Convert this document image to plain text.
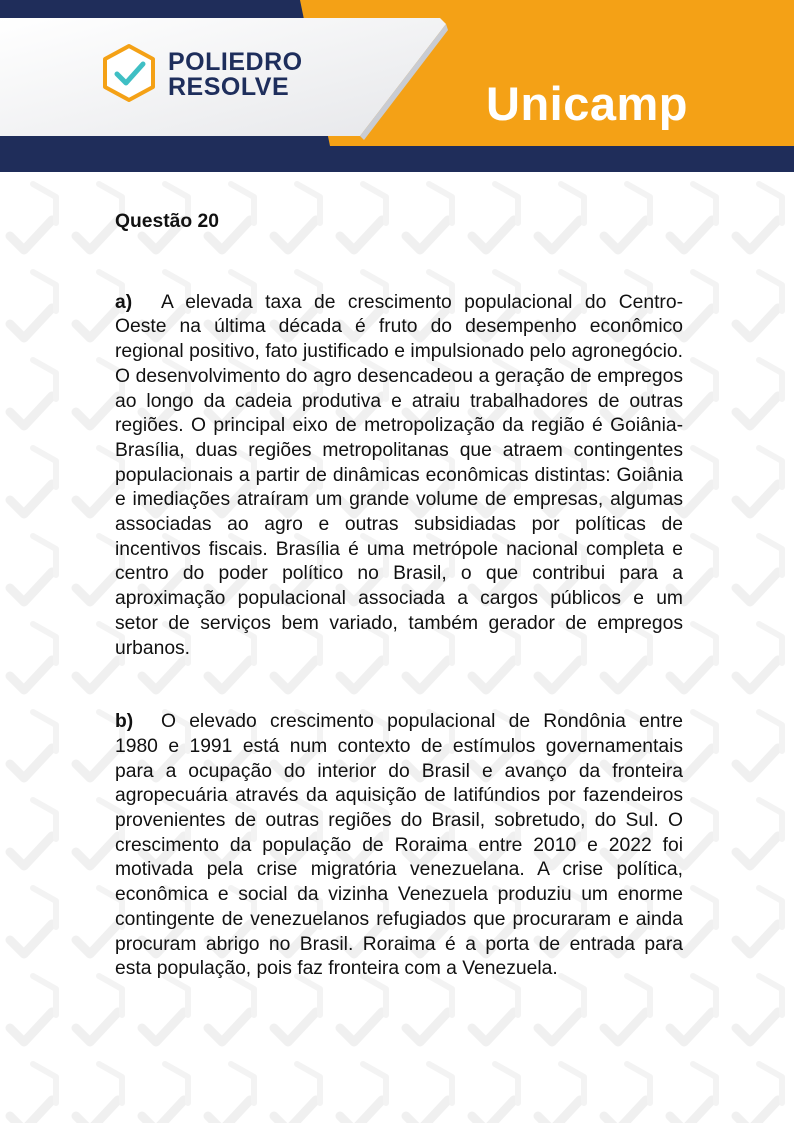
POLIEDRO
RESOLVE	Unicamp
Questão 20

a) A elevada taxa de crescimento populacional do Centro-Oeste na última década é fruto do desempenho econômico regional positivo, fato justificado e impulsionado pelo agronegócio. O desenvolvimento do agro desencadeou a geração de empregos ao longo da cadeia produtiva e atraiu trabalhadores de outras regiões. O principal eixo de metropolização da região é Goiânia-Brasília, duas regiões metropolitanas que atraem contingentes populacionais a partir de dinâmicas econômicas distintas: Goiânia e imediações atraíram um grande volume de empresas, algumas associadas ao agro e outras subsidiadas por políticas de incentivos fiscais. Brasília é uma metrópole nacional completa e centro do poder político no Brasil, o que contribui para a aproximação populacional associada a cargos públicos e um setor de serviços bem variado, também gerador de empregos urbanos.

b) O elevado crescimento populacional de Rondônia entre 1980 e 1991 está num contexto de estímulos governamentais para a ocupação do interior do Brasil e avanço da fronteira agropecuária através da aquisição de latifúndios por fazendeiros provenientes de outras regiões do Brasil, sobretudo, do Sul. O crescimento da população de Roraima entre 2010 e 2022 foi motivada pela crise migratória venezuelana. A crise política, econômica e social da vizinha Venezuela produziu um enorme contingente de venezuelanos refugiados que procuraram e ainda procuram abrigo no Brasil. Roraima é a porta de entrada para esta população, pois faz fronteira com a Venezuela.
